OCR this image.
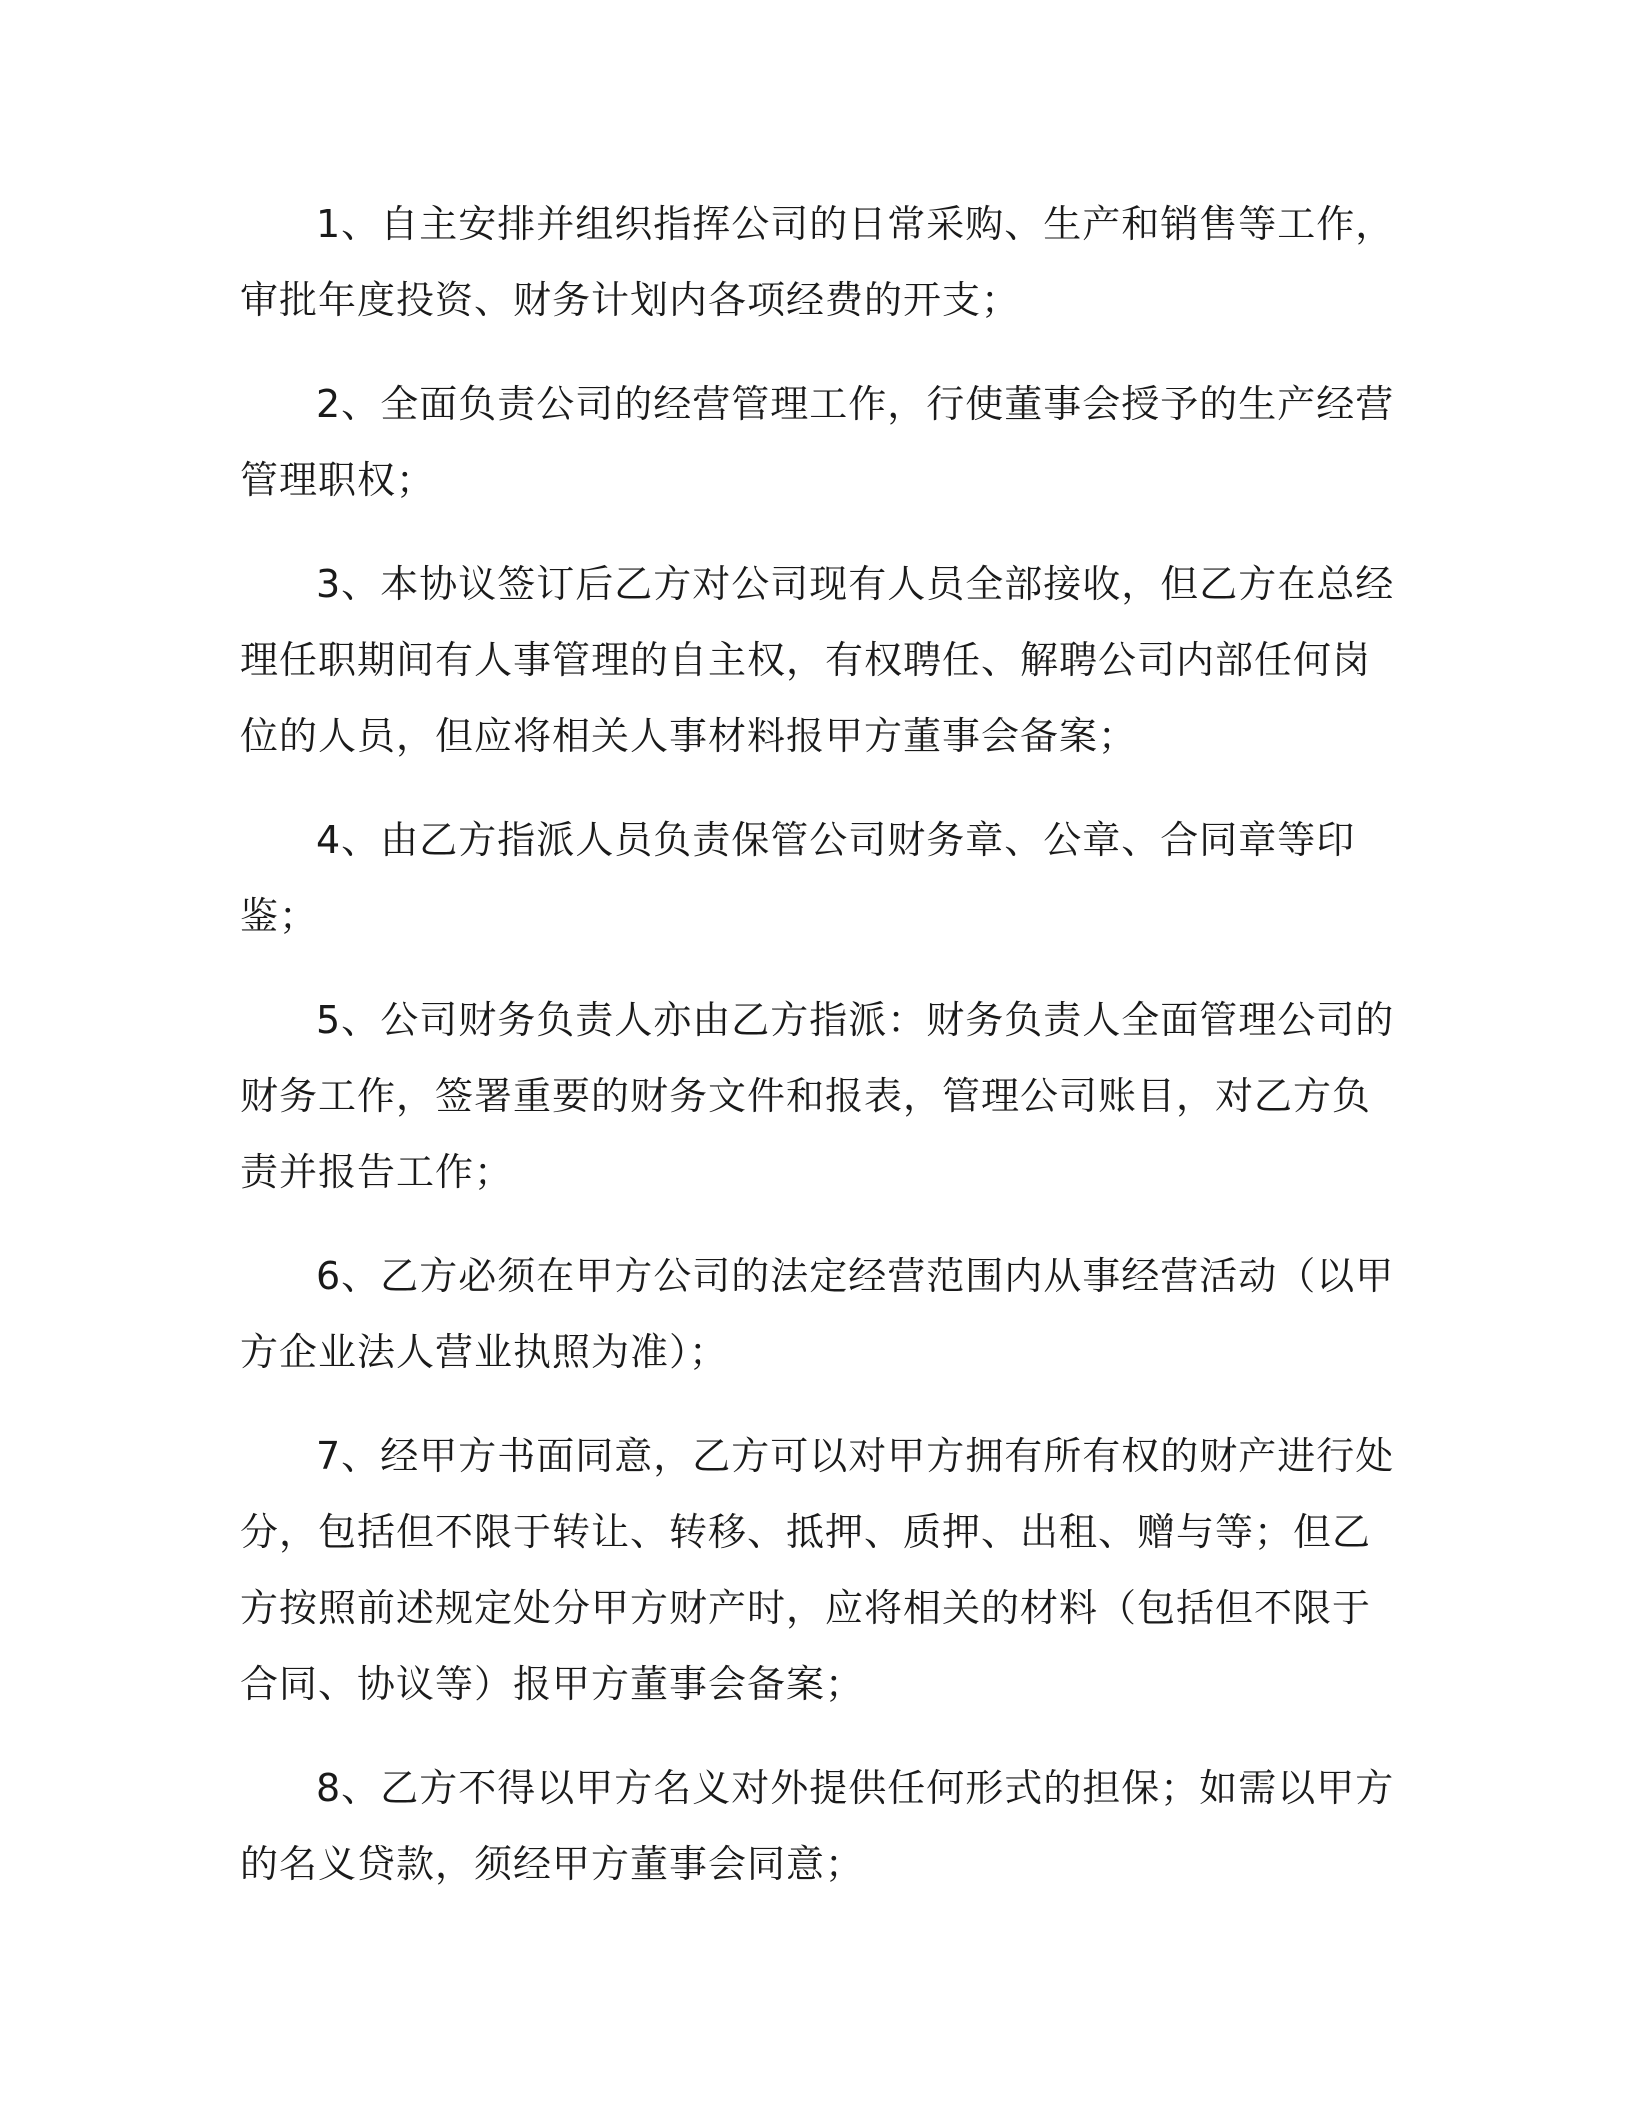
1、自主安排并组织指挥公司的日常采购、生产和销售等工作，审批年度投资、财务计划内各项经费的开支；

2、全面负责公司的经营管理工作，行使董事会授予的生产经营管理职权；

3、本协议签订后乙方对公司现有人员全部接收，但乙方在总经理任职期间有人事管理的自主权，有权聘任、解聘公司内部任何岗位的人员，但应将相关人事材料报甲方董事会备案；

4、由乙方指派人员负责保管公司财务章、公章、合同章等印鉴；

5、公司财务负责人亦由乙方指派：财务负责人全面管理公司的财务工作，签署重要的财务文件和报表，管理公司账目，对乙方负责并报告工作；

6、乙方必须在甲方公司的法定经营范围内从事经营活动（以甲方企业法人营业执照为准）；

7、经甲方书面同意，乙方可以对甲方拥有所有权的财产进行处分，包括但不限于转让、转移、抵押、质押、出租、赠与等；但乙方按照前述规定处分甲方财产时，应将相关的材料（包括但不限于合同、协议等）报甲方董事会备案；

8、乙方不得以甲方名义对外提供任何形式的担保；如需以甲方的名义贷款，须经甲方董事会同意；
